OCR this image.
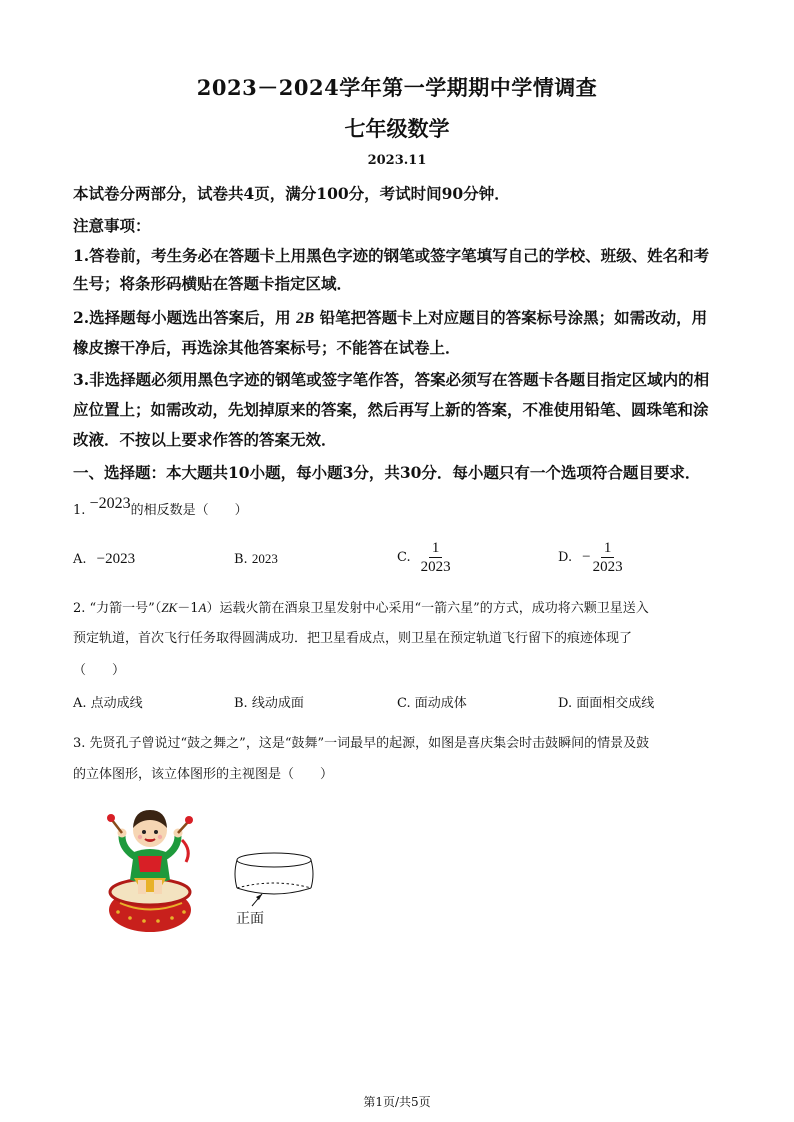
2023－2024学年第一学期期中学情调查
七年级数学
2023.11
本试卷分两部分，试卷共4页，满分100分，考试时间90分钟．
注意事项：
1.答卷前，考生务必在答题卡上用黑色字迹的钢笔或签字笔填写自己的学校、班级、姓名和考
生号；将条形码横贴在答题卡指定区域．
2.选择题每小题选出答案后，用 2B 铅笔把答题卡上对应题目的答案标号涂黑；如需改动，用
橡皮擦干净后，再选涂其他答案标号；不能答在试卷上．
3.非选择题必须用黑色字迹的钢笔或签字笔作答，答案必须写在答题卡各题目指定区域内的相
应位置上；如需改动，先划掉原来的答案，然后再写上新的答案，不准使用铅笔、圆珠笔和涂
改液．不按以上要求作答的答案无效．
一、选择题：本大题共10小题，每小题3分，共30分．每小题只有一个选项符合题目要求．
1. −2023的相反数是（　　）
A. −2023	B. 2023	C. $\frac{1}{2023}$	D. − $\frac{1}{2023}$
2. “力箭一号”（ZK－1A）运载火箭在酒泉卫星发射中心采用“一箭六星”的方式，成功将六颗卫星送入
预定轨道，首次飞行任务取得圆满成功．把卫星看成点，则卫星在预定轨道飞行留下的痕迹体现了
（　　）
A. 点动成线	B. 线动成面	C. 面动成体	D. 面面相交成线
3. 先贤孔子曾说过“鼓之舞之”，这是“鼓舞”一词最早的起源，如图是喜庆集会时击鼓瞬间的情景及鼓
的立体图形，该立体图形的主视图是（　　）
正面
第1页/共5页
